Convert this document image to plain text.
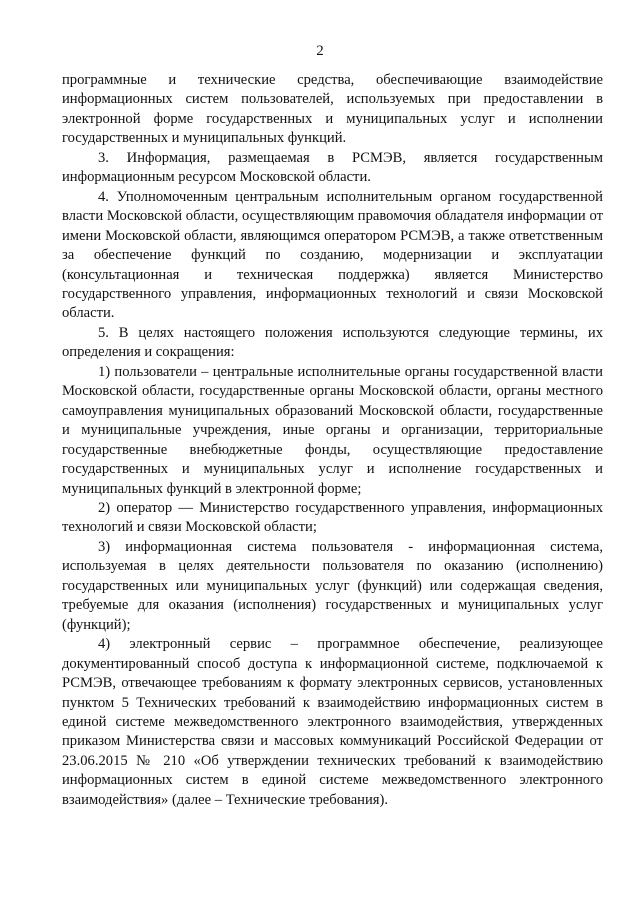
2

программные и технические средства, обеспечивающие взаимодействие информационных систем пользователей, используемых при предоставлении в электронной форме государственных и муниципальных услуг и исполнении государственных и муниципальных функций.

3. Информация, размещаемая в РСМЭВ, является государственным информационным ресурсом Московской области.

4. Уполномоченным центральным исполнительным органом государственной власти Московской области, осуществляющим правомочия обладателя информации от имени Московской области, являющимся оператором РСМЭВ, а также ответственным за обеспечение функций по созданию, модернизации и эксплуатации (консультационная и техническая поддержка) является Министерство государственного управления, информационных технологий и связи Московской области.

5. В целях настоящего положения используются следующие термины, их определения и сокращения:

1) пользователи – центральные исполнительные органы государственной власти Московской области, государственные органы Московской области, органы местного самоуправления муниципальных образований Московской области, государственные и муниципальные учреждения, иные органы и организации, территориальные государственные внебюджетные фонды, осуществляющие предоставление государственных и муниципальных услуг и исполнение государственных и муниципальных функций в электронной форме;

2) оператор — Министерство государственного управления, информационных технологий и связи Московской области;

3) информационная система пользователя - информационная система, используемая в целях деятельности пользователя по оказанию (исполнению) государственных или муниципальных услуг (функций) или содержащая сведения, требуемые для оказания (исполнения) государственных и муниципальных услуг (функций);

4) электронный сервис – программное обеспечение, реализующее документированный способ доступа к информационной системе, подключаемой к РСМЭВ, отвечающее требованиям к формату электронных сервисов, установленных пунктом 5 Технических требований к взаимодействию информационных систем в единой системе межведомственного электронного взаимодействия, утвержденных приказом Министерства связи и массовых коммуникаций Российской Федерации от 23.06.2015 № 210 «Об утверждении технических требований к взаимодействию информационных систем в единой системе межведомственного электронного взаимодействия» (далее – Технические требования).
